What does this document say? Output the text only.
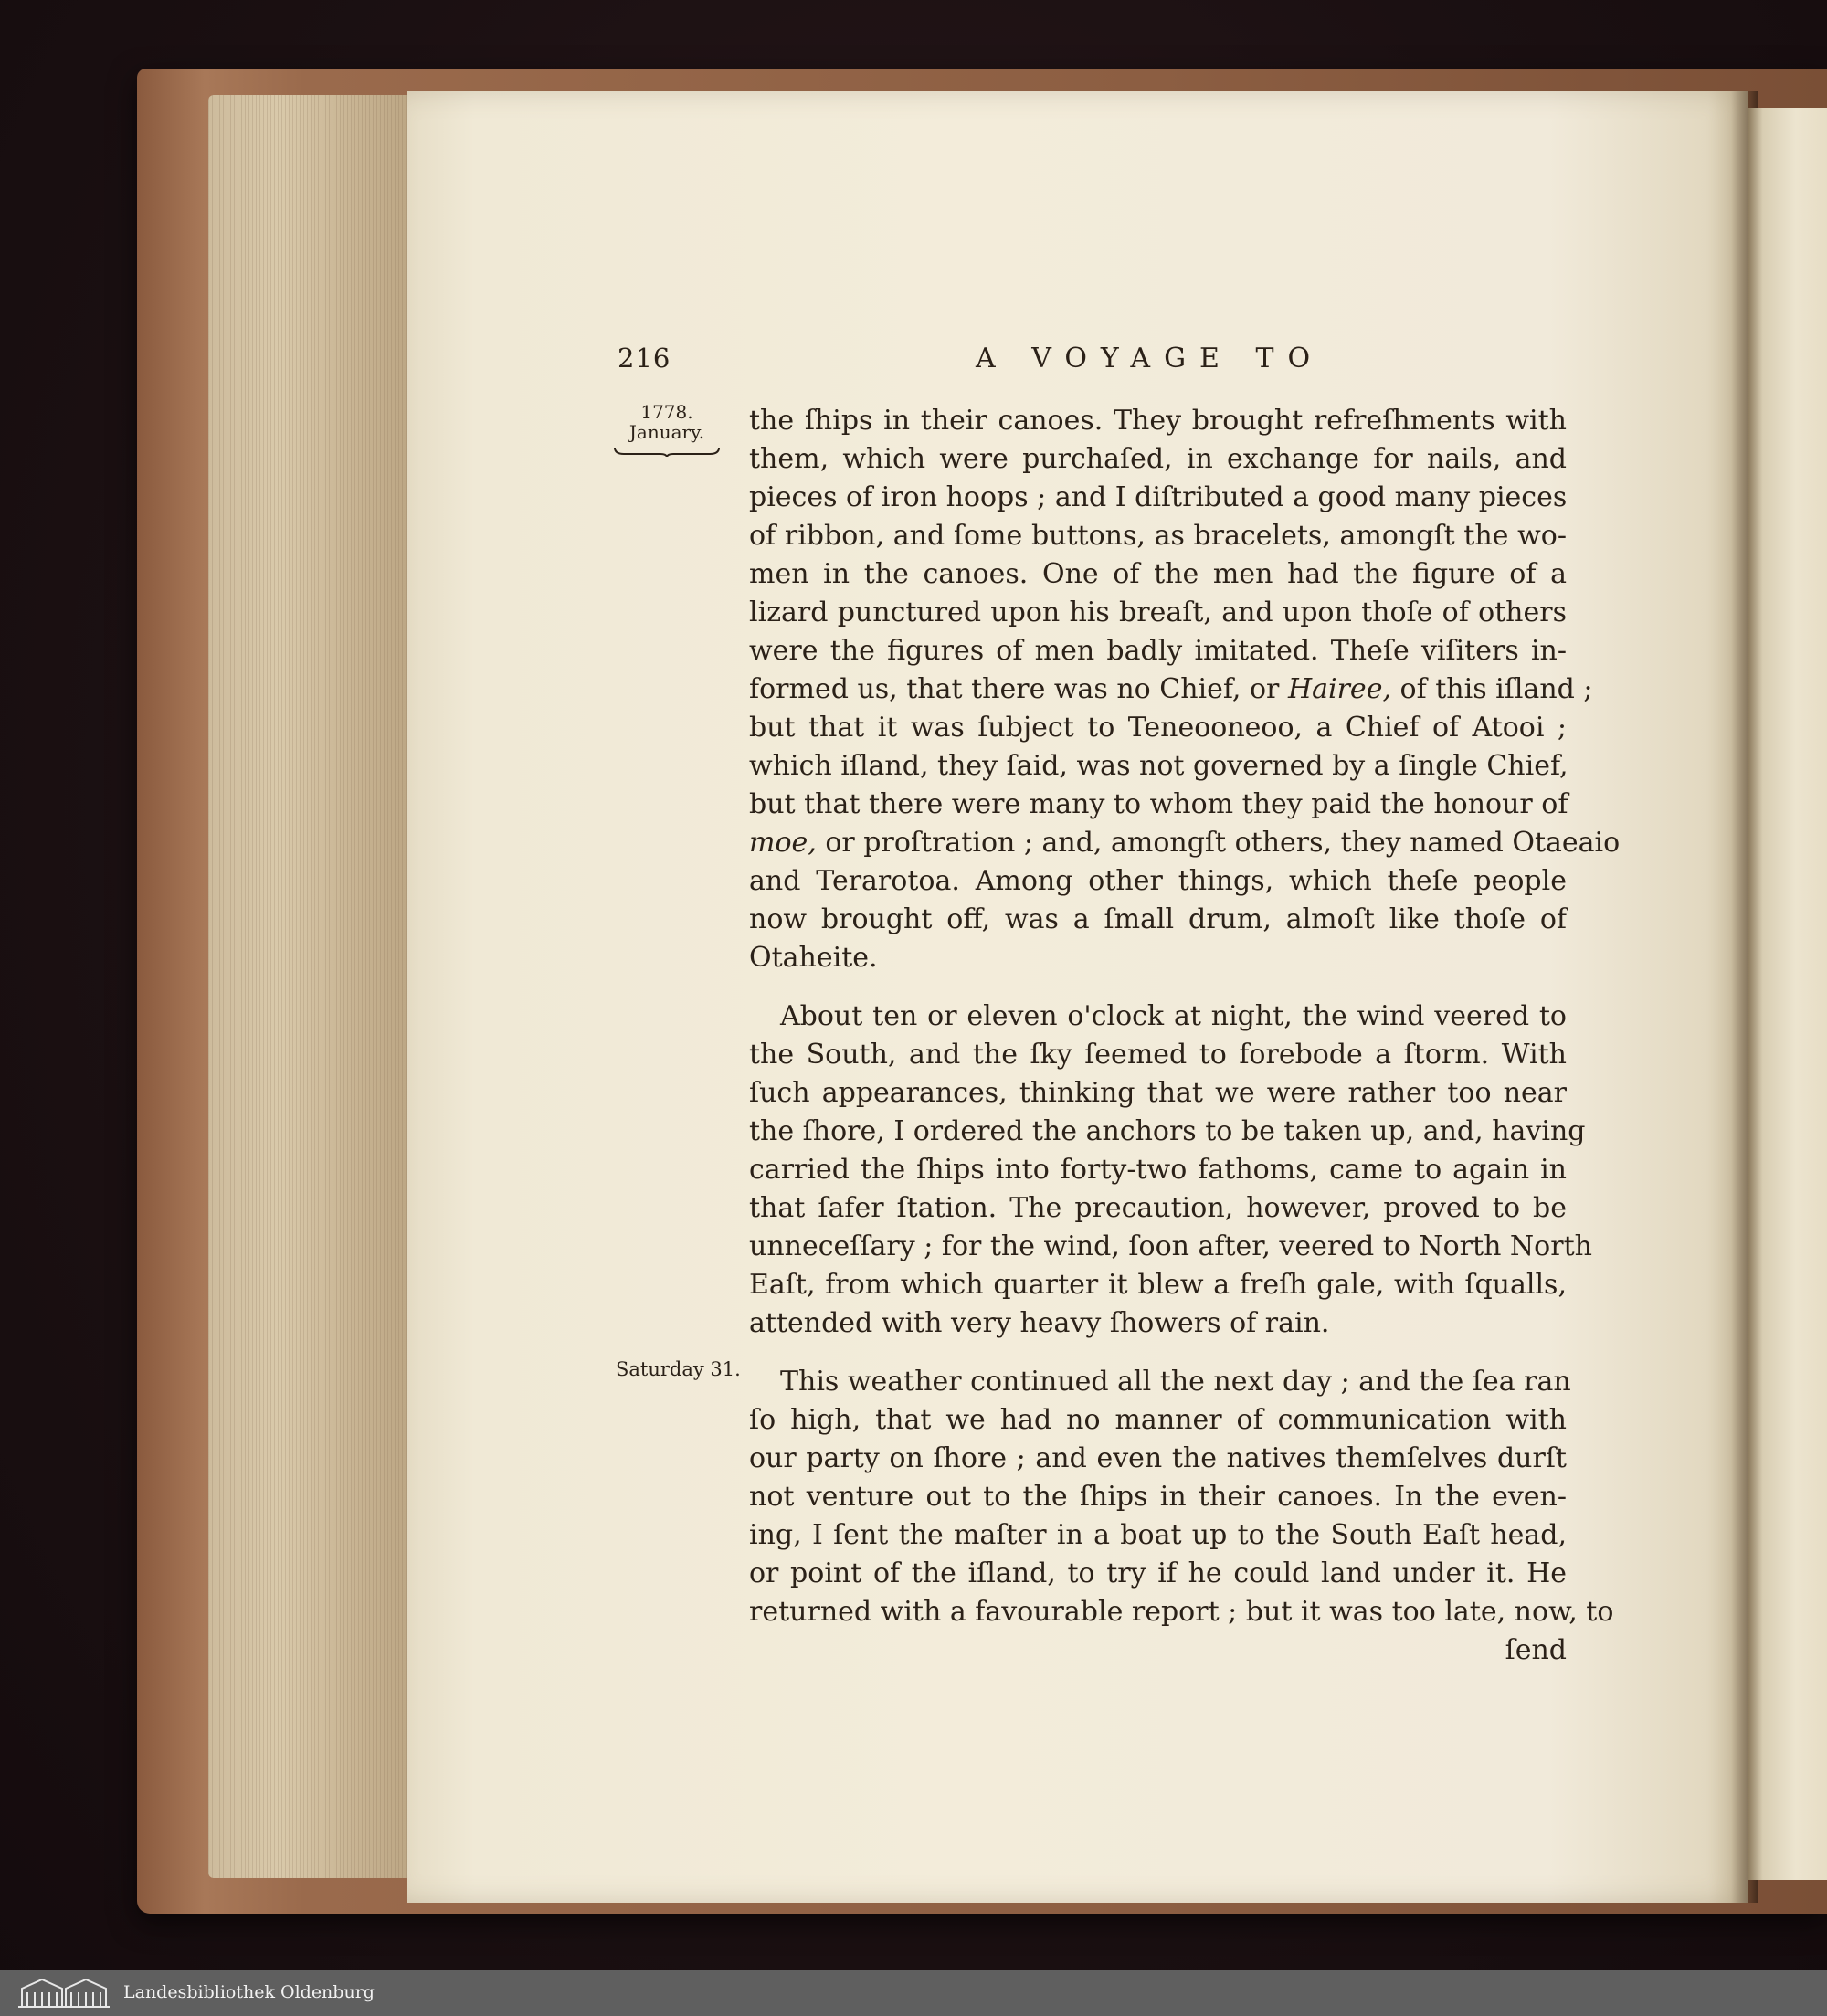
216	A VOYAGE TO
1778.
January.
Saturday 31.
the ſhips in their canoes. They brought refreſhments with
them, which were purchaſed, in exchange for nails, and
pieces of iron hoops ; and I diſtributed a good many pieces
of ribbon, and ſome buttons, as bracelets, amongſt the wo-
men in the canoes. One of the men had the figure of a
lizard punctured upon his breaſt, and upon thoſe of others
were the figures of men badly imitated. Theſe viſiters in-
formed us, that there was no Chief, or Hairee, of this iſland ;
but that it was ſubject to Teneooneoo, a Chief of Atooi ;
which iſland, they ſaid, was not governed by a ſingle Chief,
but that there were many to whom they paid the honour of
moe, or proſtration ; and, amongſt others, they named Otaeaio
and Terarotoa. Among other things, which theſe people
now brought off, was a ſmall drum, almoſt like thoſe of
Otaheite.
About ten or eleven o'clock at night, the wind veered to
the South, and the ſky ſeemed to forebode a ſtorm. With
ſuch appearances, thinking that we were rather too near
the ſhore, I ordered the anchors to be taken up, and, having
carried the ſhips into forty-two fathoms, came to again in
that ſafer ſtation. The precaution, however, proved to be
unneceſſary ; for the wind, ſoon after, veered to North North
Eaſt, from which quarter it blew a freſh gale, with ſqualls,
attended with very heavy ſhowers of rain.
This weather continued all the next day ; and the ſea ran
ſo high, that we had no manner of communication with
our party on ſhore ; and even the natives themſelves durſt
not venture out to the ſhips in their canoes. In the even-
ing, I ſent the maſter in a boat up to the South Eaſt head,
or point of the iſland, to try if he could land under it. He
returned with a favourable report ; but it was too late, now, to
ſend
Landesbibliothek Oldenburg
